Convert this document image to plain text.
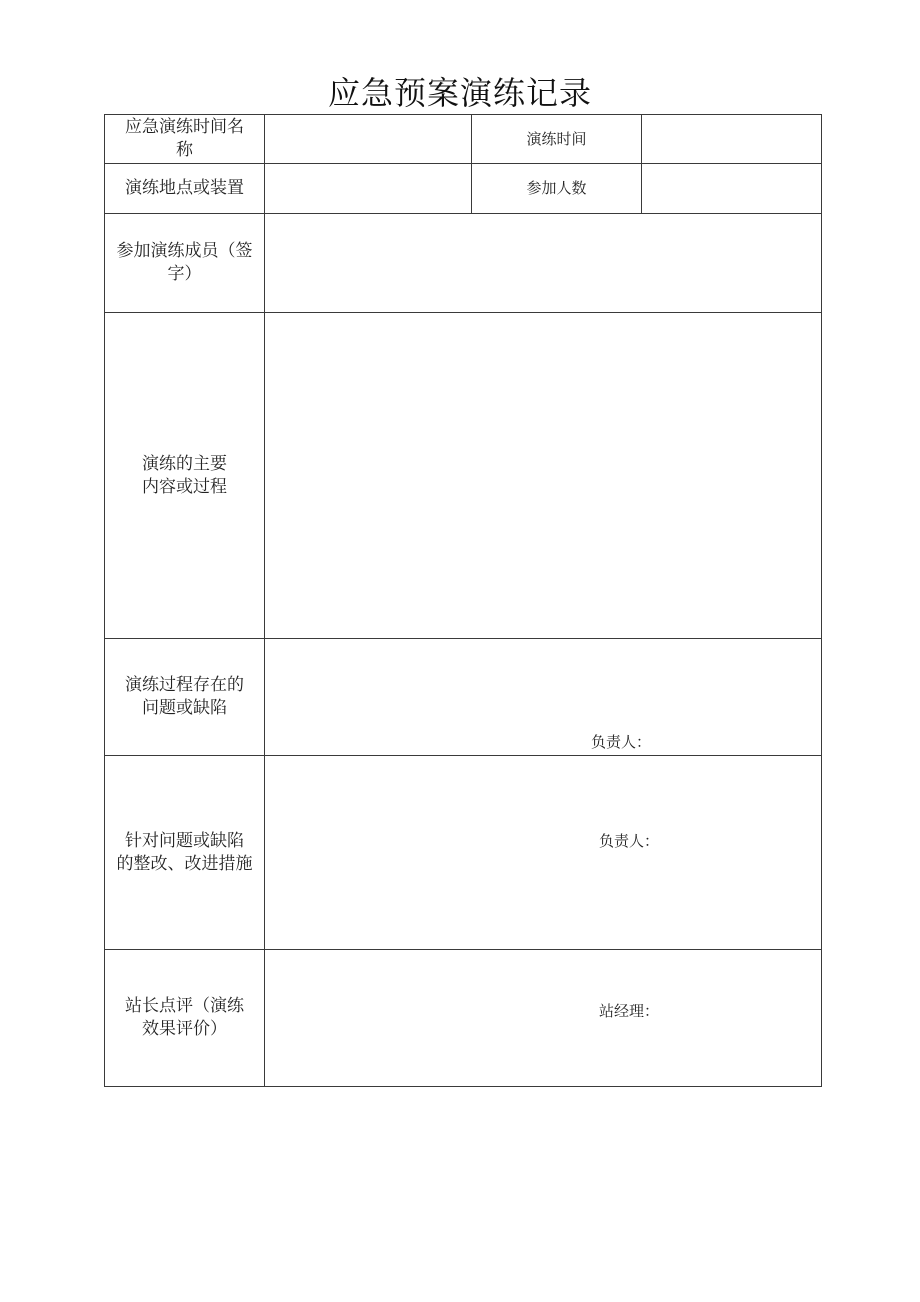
应急预案演练记录
应急演练时间名
称
演练时间
演练地点或装置	参加人数
参加演练成员（签
字）
演练的主要
内容或过程
演练过程存在的
问题或缺陷
负责人：
针对问题或缺陷
的整改、改进措施
负责人：
站长点评（演练
效果评价）
站经理：
